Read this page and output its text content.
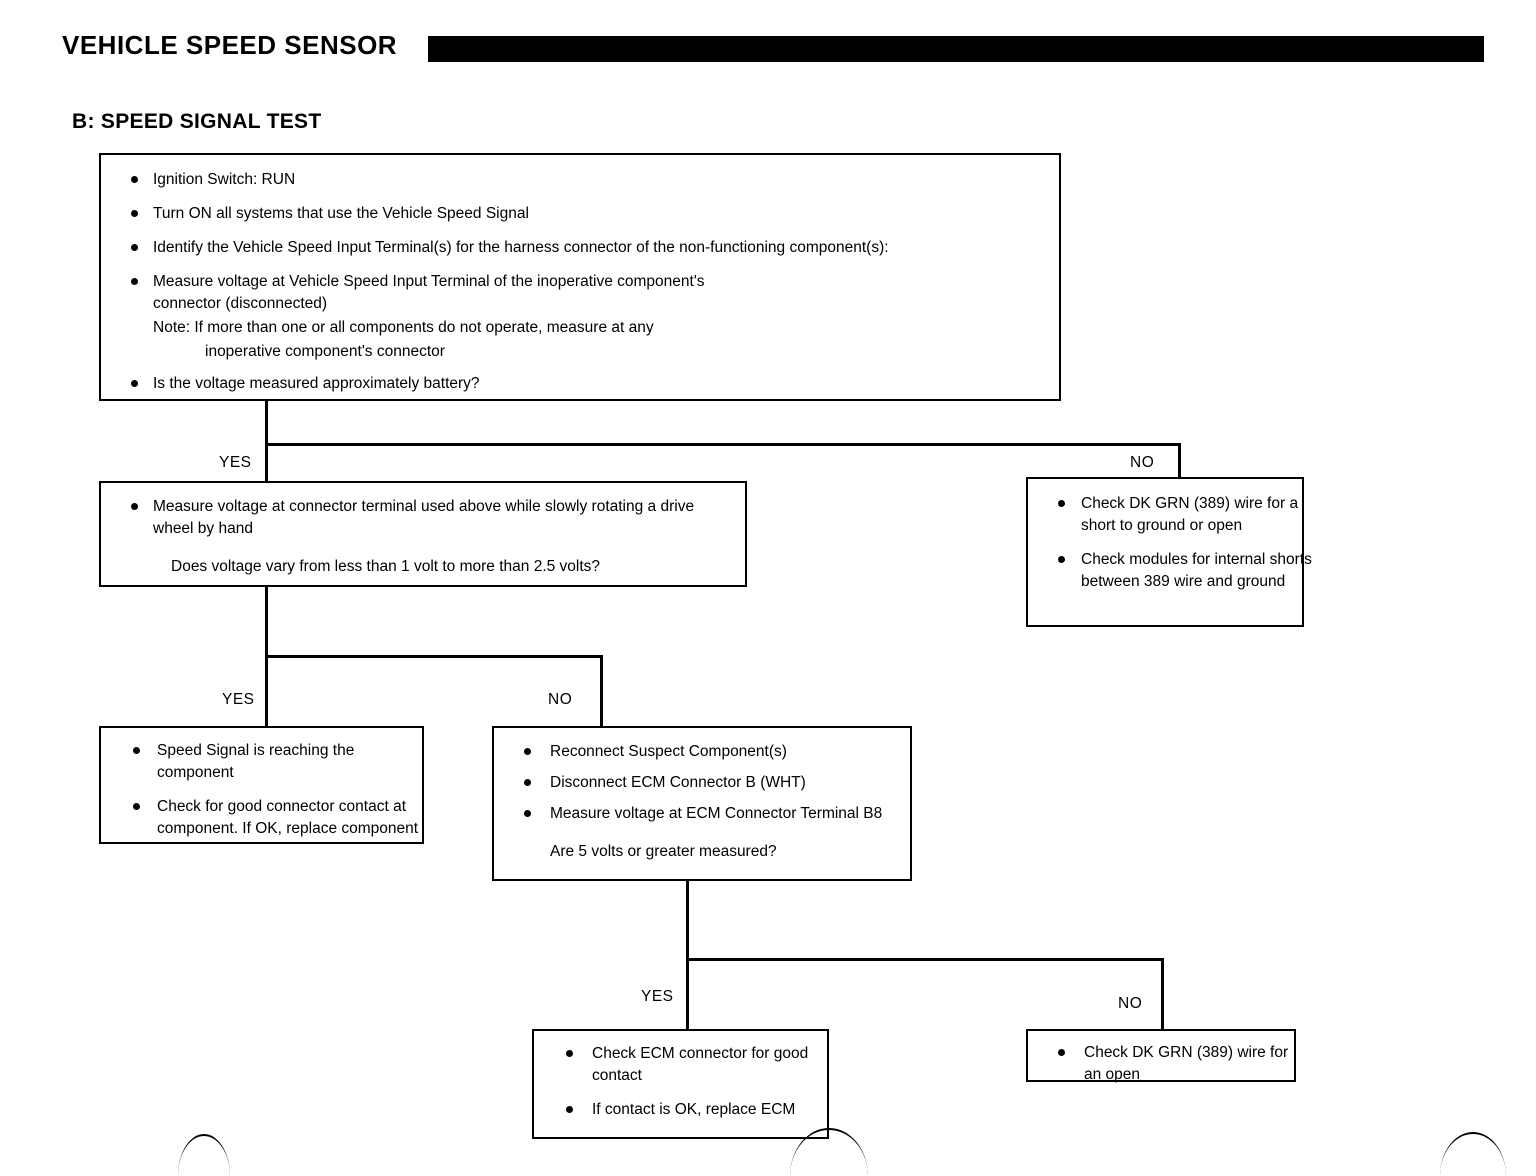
VEHICLE SPEED SENSOR
B: SPEED SIGNAL TEST
Ignition Switch: RUN
Turn ON all systems that use the Vehicle Speed Signal
Identify the Vehicle Speed Input Terminal(s) for the harness connector of the non-functioning component(s):
Measure voltage at Vehicle Speed Input Terminal of the inoperative component's connector (disconnected)
Note: If more than one or all components do not operate, measure at any
inoperative component's connector
Is the voltage measured approximately battery?
YES	NO
Measure voltage at connector terminal used above while slowly rotating a drive wheel by hand
Does voltage vary from less than 1 volt to more than 2.5 volts?
Check DK GRN (389) wire for a short to ground or open
Check modules for internal shorts between 389 wire and ground
YES	NO
Speed Signal is reaching the component
Check for good connector contact at component. If OK, replace component
Reconnect Suspect Component(s)
Disconnect ECM Connector B (WHT)
Measure voltage at ECM Connector Terminal B8
Are 5 volts or greater measured?
YES	NO
Check ECM connector for good contact
If contact is OK, replace ECM
Check DK GRN (389) wire for an open
